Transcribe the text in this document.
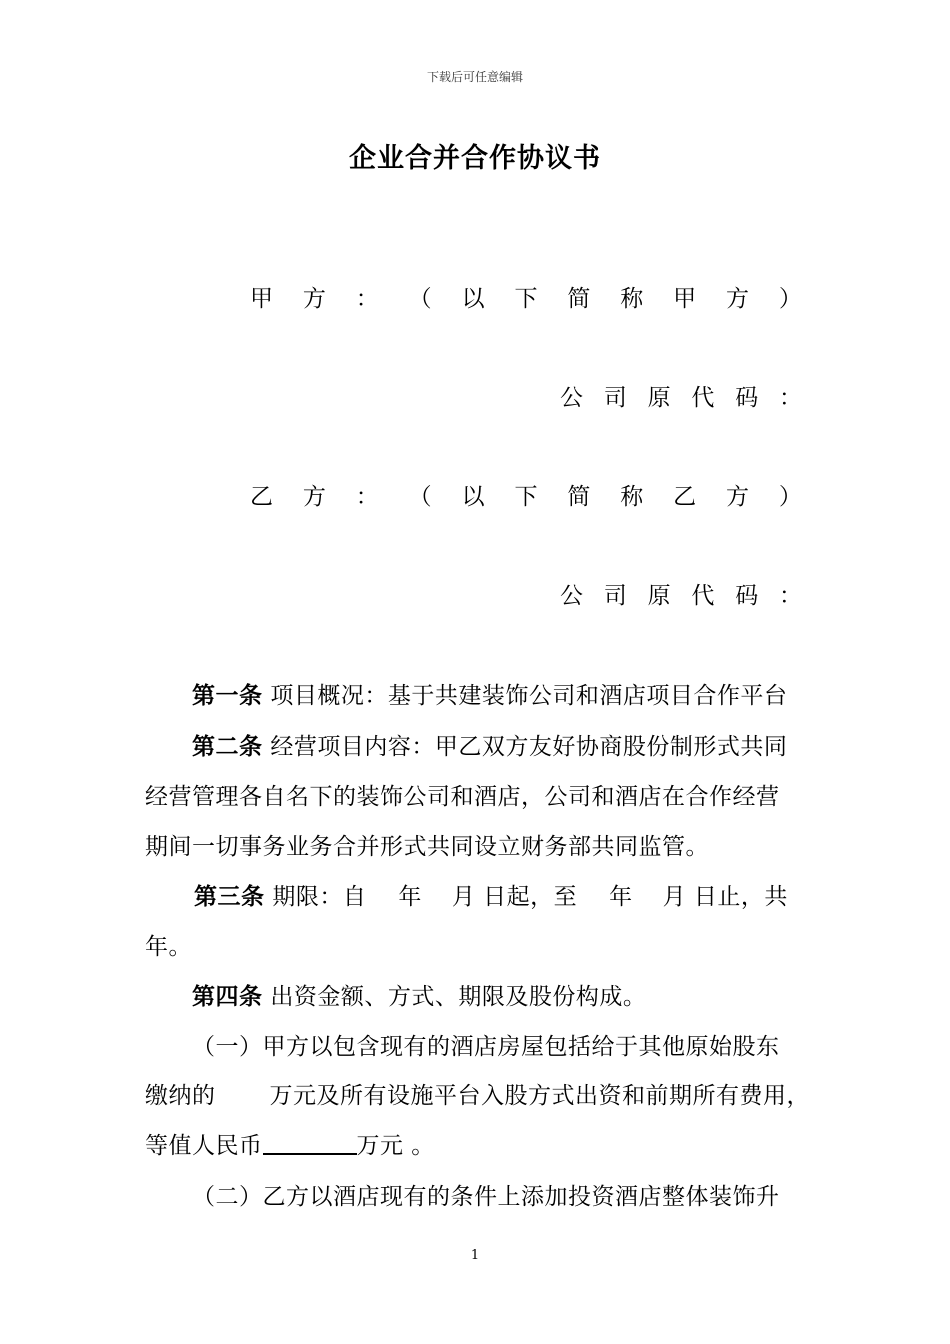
下载后可任意编辑
企业合并合作协议书
甲 方 ： （ 以 下 简 称 甲 方 ）
公 司 原 代 码 ：
乙 方 ： （ 以 下 简 称 乙 方 ）
公 司 原 代 码 ：
第一条 项目概况：基于共建装饰公司和酒店项目合作平台
第二条 经营项目内容：甲乙双方友好协商股份制形式共同
经营管理各自名下的装饰公司和酒店，公司和酒店在合作经营
期间一切事务业务合并形式共同设立财务部共同监管。
第三条 期限：自 年 月 日起，至 年 月 日止，共
年。
第四条 出资金额、方式、期限及股份构成。
（一）甲方以包含现有的酒店房屋包括给于其他原始股东
缴纳的 万元及所有设施平台入股方式出资和前期所有费用，
等值人民币	万元 。
（二）乙方以酒店现有的条件上添加投资酒店整体装饰升
1
